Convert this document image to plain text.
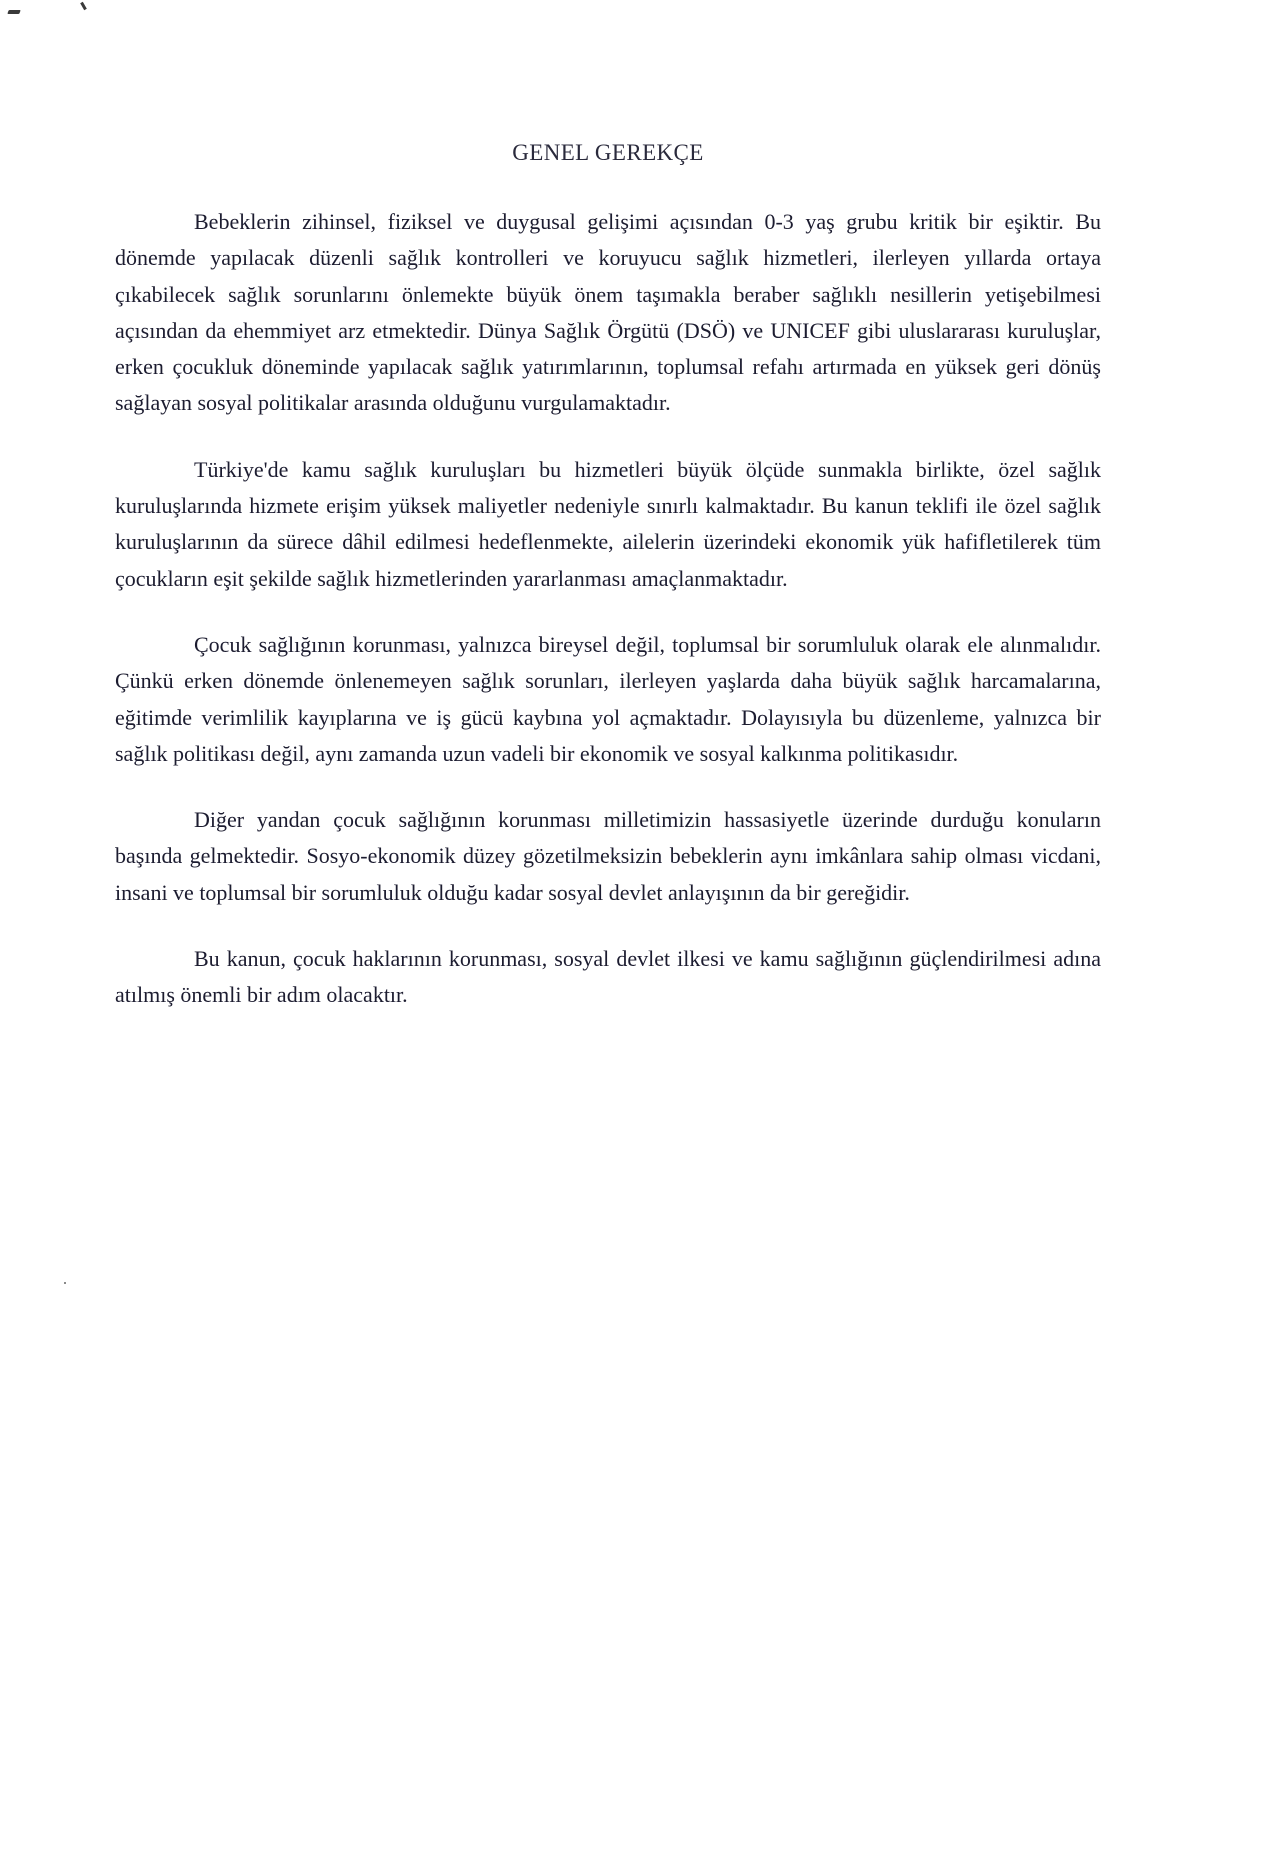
GENEL GEREKÇE

Bebeklerin zihinsel, fiziksel ve duygusal gelişimi açısından 0-3 yaş grubu kritik bir eşiktir. Bu dönemde yapılacak düzenli sağlık kontrolleri ve koruyucu sağlık hizmetleri, ilerleyen yıllarda ortaya çıkabilecek sağlık sorunlarını önlemekte büyük önem taşımakla beraber sağlıklı nesillerin yetişebilmesi açısından da ehemmiyet arz etmektedir. Dünya Sağlık Örgütü (DSÖ) ve UNICEF gibi uluslararası kuruluşlar, erken çocukluk döneminde yapılacak sağlık yatırımlarının, toplumsal refahı artırmada en yüksek geri dönüş sağlayan sosyal politikalar arasında olduğunu vurgulamaktadır.

Türkiye'de kamu sağlık kuruluşları bu hizmetleri büyük ölçüde sunmakla birlikte, özel sağlık kuruluşlarında hizmete erişim yüksek maliyetler nedeniyle sınırlı kalmaktadır. Bu kanun teklifi ile özel sağlık kuruluşlarının da sürece dâhil edilmesi hedeflenmekte, ailelerin üzerindeki ekonomik yük hafifletilerek tüm çocukların eşit şekilde sağlık hizmetlerinden yararlanması amaçlanmaktadır.

Çocuk sağlığının korunması, yalnızca bireysel değil, toplumsal bir sorumluluk olarak ele alınmalıdır. Çünkü erken dönemde önlenemeyen sağlık sorunları, ilerleyen yaşlarda daha büyük sağlık harcamalarına, eğitimde verimlilik kayıplarına ve iş gücü kaybına yol açmaktadır. Dolayısıyla bu düzenleme, yalnızca bir sağlık politikası değil, aynı zamanda uzun vadeli bir ekonomik ve sosyal kalkınma politikasıdır.

Diğer yandan çocuk sağlığının korunması milletimizin hassasiyetle üzerinde durduğu konuların başında gelmektedir. Sosyo-ekonomik düzey gözetilmeksizin bebeklerin aynı imkânlara sahip olması vicdani, insani ve toplumsal bir sorumluluk olduğu kadar sosyal devlet anlayışının da bir gereğidir.

Bu kanun, çocuk haklarının korunması, sosyal devlet ilkesi ve kamu sağlığının güçlendirilmesi adına atılmış önemli bir adım olacaktır.
